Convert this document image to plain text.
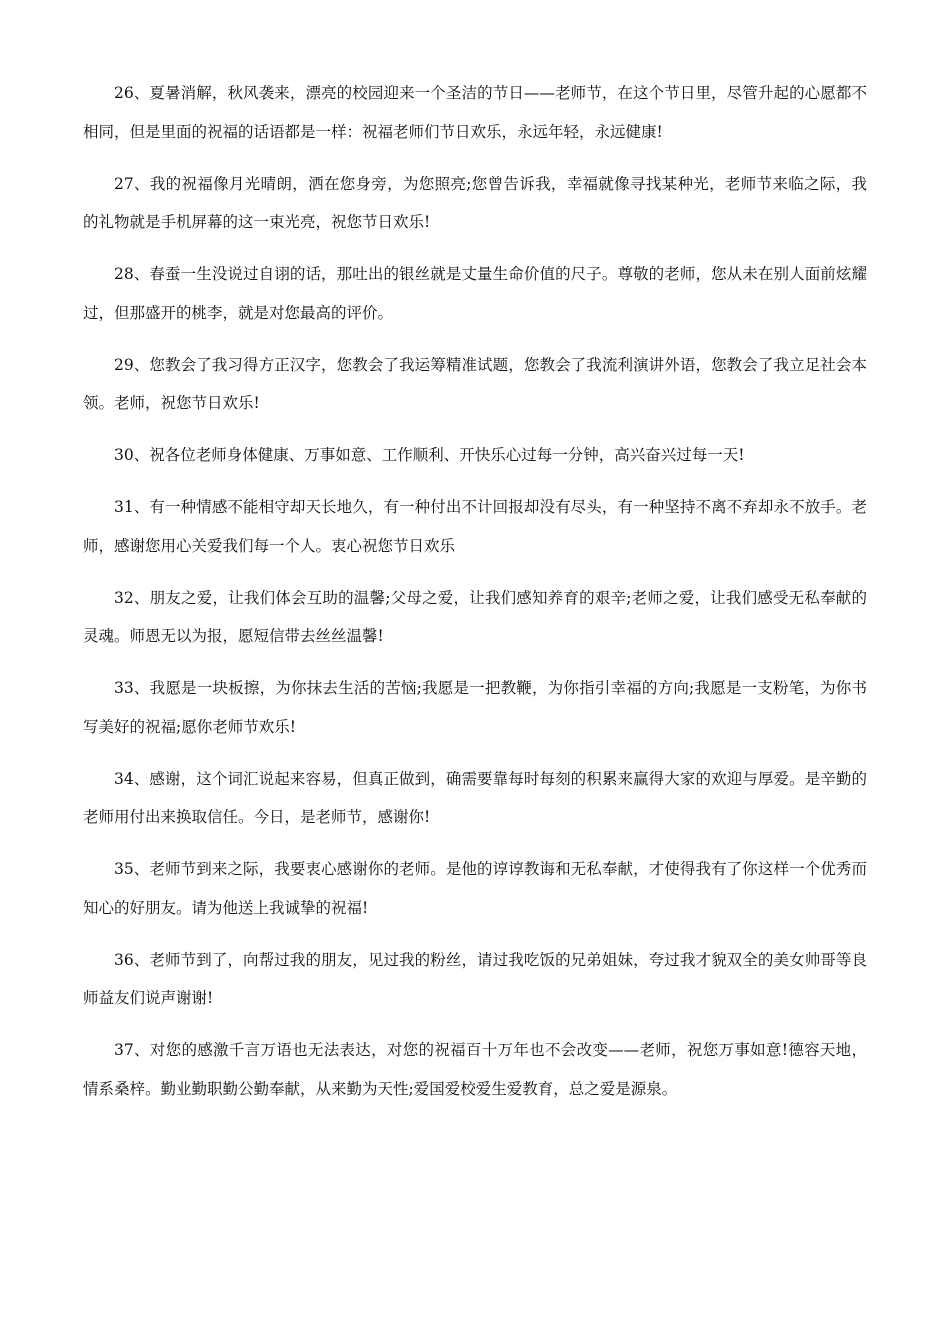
26、夏暑消解，秋风袭来，漂亮的校园迎来一个圣洁的节日——老师节，在这个节日里，尽管升起的心愿都不相同，但是里面的祝福的话语都是一样：祝福老师们节日欢乐，永远年轻，永远健康!

27、我的祝福像月光晴朗，洒在您身旁，为您照亮;您曾告诉我，幸福就像寻找某种光，老师节来临之际，我的礼物就是手机屏幕的这一束光亮，祝您节日欢乐!

28、春蚕一生没说过自诩的话，那吐出的银丝就是丈量生命价值的尺子。尊敬的老师，您从未在别人面前炫耀过，但那盛开的桃李，就是对您最高的评价。

29、您教会了我习得方正汉字，您教会了我运筹精准试题，您教会了我流利演讲外语，您教会了我立足社会本领。老师，祝您节日欢乐!

30、祝各位老师身体健康、万事如意、工作顺利、开快乐心过每一分钟，高兴奋兴过每一天!

31、有一种情感不能相守却天长地久，有一种付出不计回报却没有尽头，有一种坚持不离不弃却永不放手。老师，感谢您用心关爱我们每一个人。衷心祝您节日欢乐

32、朋友之爱，让我们体会互助的温馨;父母之爱，让我们感知养育的艰辛;老师之爱，让我们感受无私奉献的灵魂。师恩无以为报，愿短信带去丝丝温馨!

33、我愿是一块板擦，为你抹去生活的苦恼;我愿是一把教鞭，为你指引幸福的方向;我愿是一支粉笔，为你书写美好的祝福;愿你老师节欢乐!

34、感谢，这个词汇说起来容易，但真正做到，确需要靠每时每刻的积累来赢得大家的欢迎与厚爱。是辛勤的老师用付出来换取信任。今日，是老师节，感谢你!

35、老师节到来之际，我要衷心感谢你的老师。是他的谆谆教诲和无私奉献，才使得我有了你这样一个优秀而知心的好朋友。请为他送上我诚挚的祝福!

36、老师节到了，向帮过我的朋友，见过我的粉丝，请过我吃饭的兄弟姐妹，夸过我才貌双全的美女帅哥等良师益友们说声谢谢!

37、对您的感激千言万语也无法表达，对您的祝福百十万年也不会改变——老师，祝您万事如意!德容天地，情系桑梓。勤业勤职勤公勤奉献，从来勤为天性;爱国爱校爱生爱教育，总之爱是源泉。
